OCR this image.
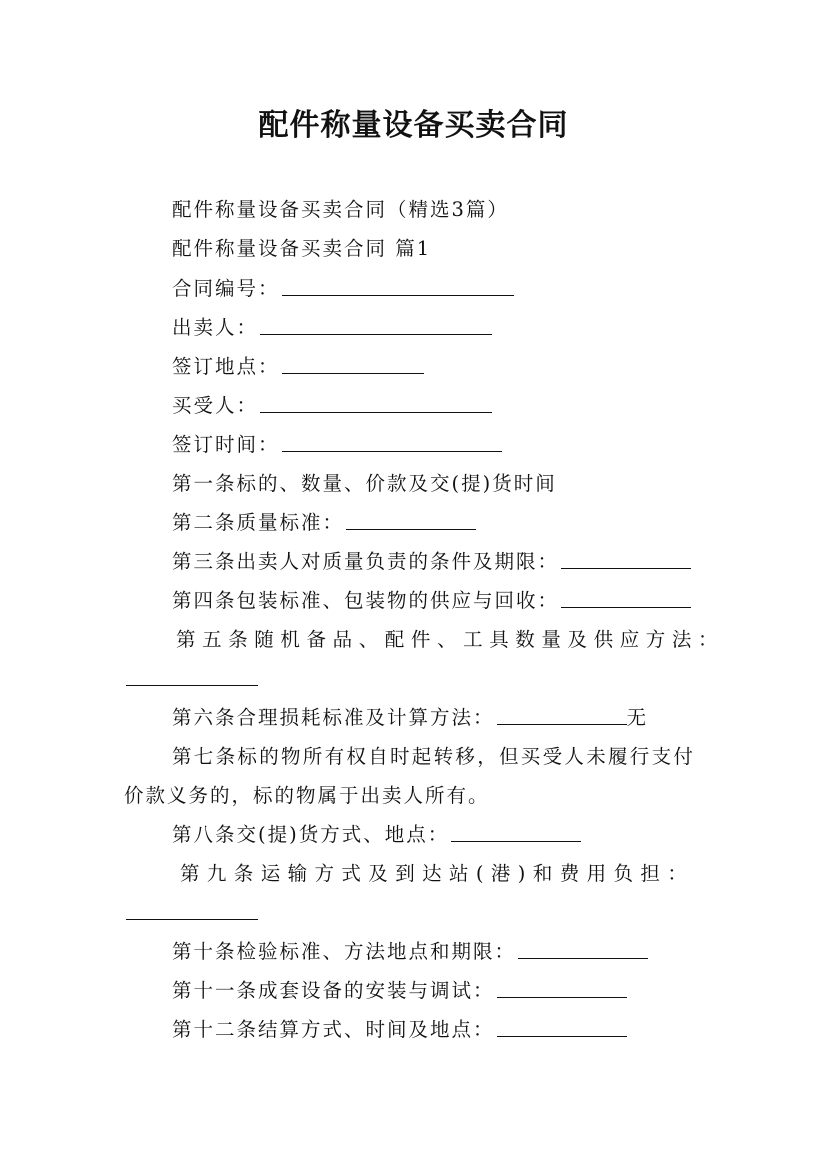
配件称量设备买卖合同
配件称量设备买卖合同（精选3篇）
配件称量设备买卖合同 篇1
合同编号：
出卖人：
签订地点：
买受人：
签订时间：
第一条标的、数量、价款及交(提)货时间
第二条质量标准：
第三条出卖人对质量负责的条件及期限：
第四条包装标准、包装物的供应与回收：
第五条随机备品、配件、工具数量及供应方法：
第六条合理损耗标准及计算方法：	无
第七条标的物所有权自时起转移，但买受人未履行支付
价款义务的，标的物属于出卖人所有。
第八条交(提)货方式、地点：
第九条运输方式及到达站(港)和费用负担：
第十条检验标准、方法地点和期限：
第十一条成套设备的安装与调试：
第十二条结算方式、时间及地点：
